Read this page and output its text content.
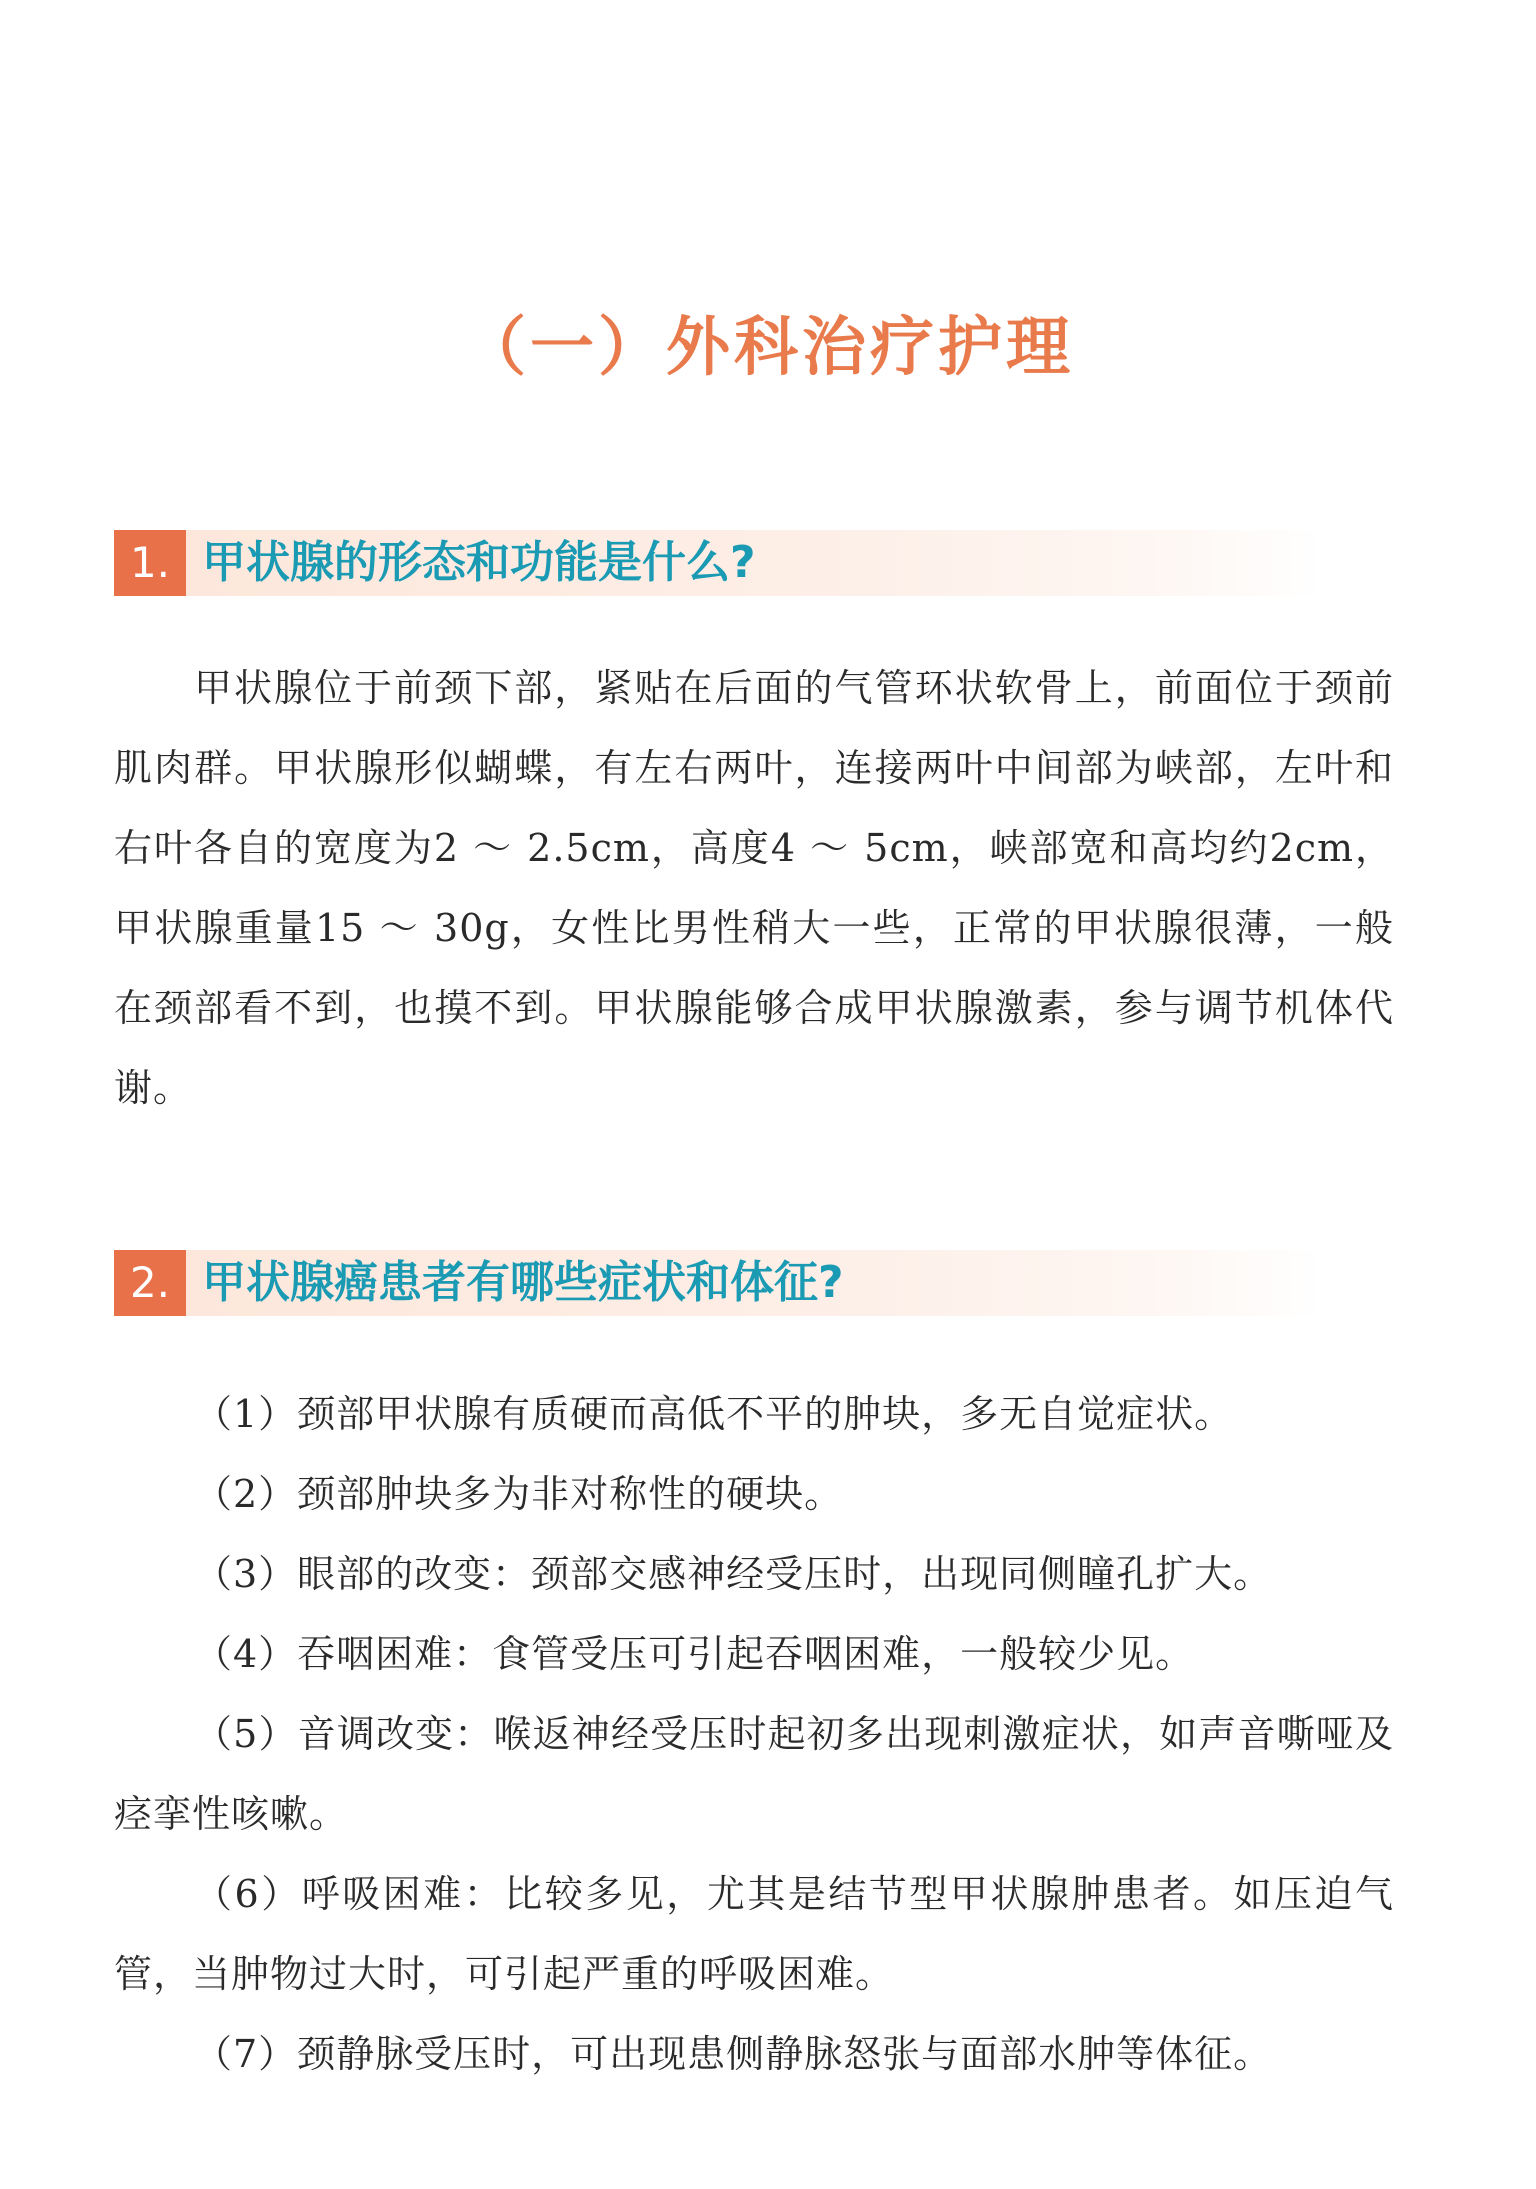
（一）外科治疗护理
1. 甲状腺的形态和功能是什么?

甲状腺位于前颈下部，紧贴在后面的气管环状软骨上，前面位于颈前肌肉群。甲状腺形似蝴蝶，有左右两叶，连接两叶中间部为峡部，左叶和右叶各自的宽度为2 ～ 2.5cm，高度4 ～ 5cm，峡部宽和高均约2cm，甲状腺重量15 ～ 30g，女性比男性稍大一些，正常的甲状腺很薄，一般在颈部看不到，也摸不到。甲状腺能够合成甲状腺激素，参与调节机体代谢。

2. 甲状腺癌患者有哪些症状和体征?

（1）颈部甲状腺有质硬而高低不平的肿块，多无自觉症状。

（2）颈部肿块多为非对称性的硬块。

（3）眼部的改变：颈部交感神经受压时，出现同侧瞳孔扩大。

（4）吞咽困难：食管受压可引起吞咽困难，一般较少见。

（5）音调改变：喉返神经受压时起初多出现刺激症状，如声音嘶哑及痉挛性咳嗽。

（6）呼吸困难：比较多见，尤其是结节型甲状腺肿患者。如压迫气管，当肿物过大时，可引起严重的呼吸困难。

（7）颈静脉受压时，可出现患侧静脉怒张与面部水肿等体征。
